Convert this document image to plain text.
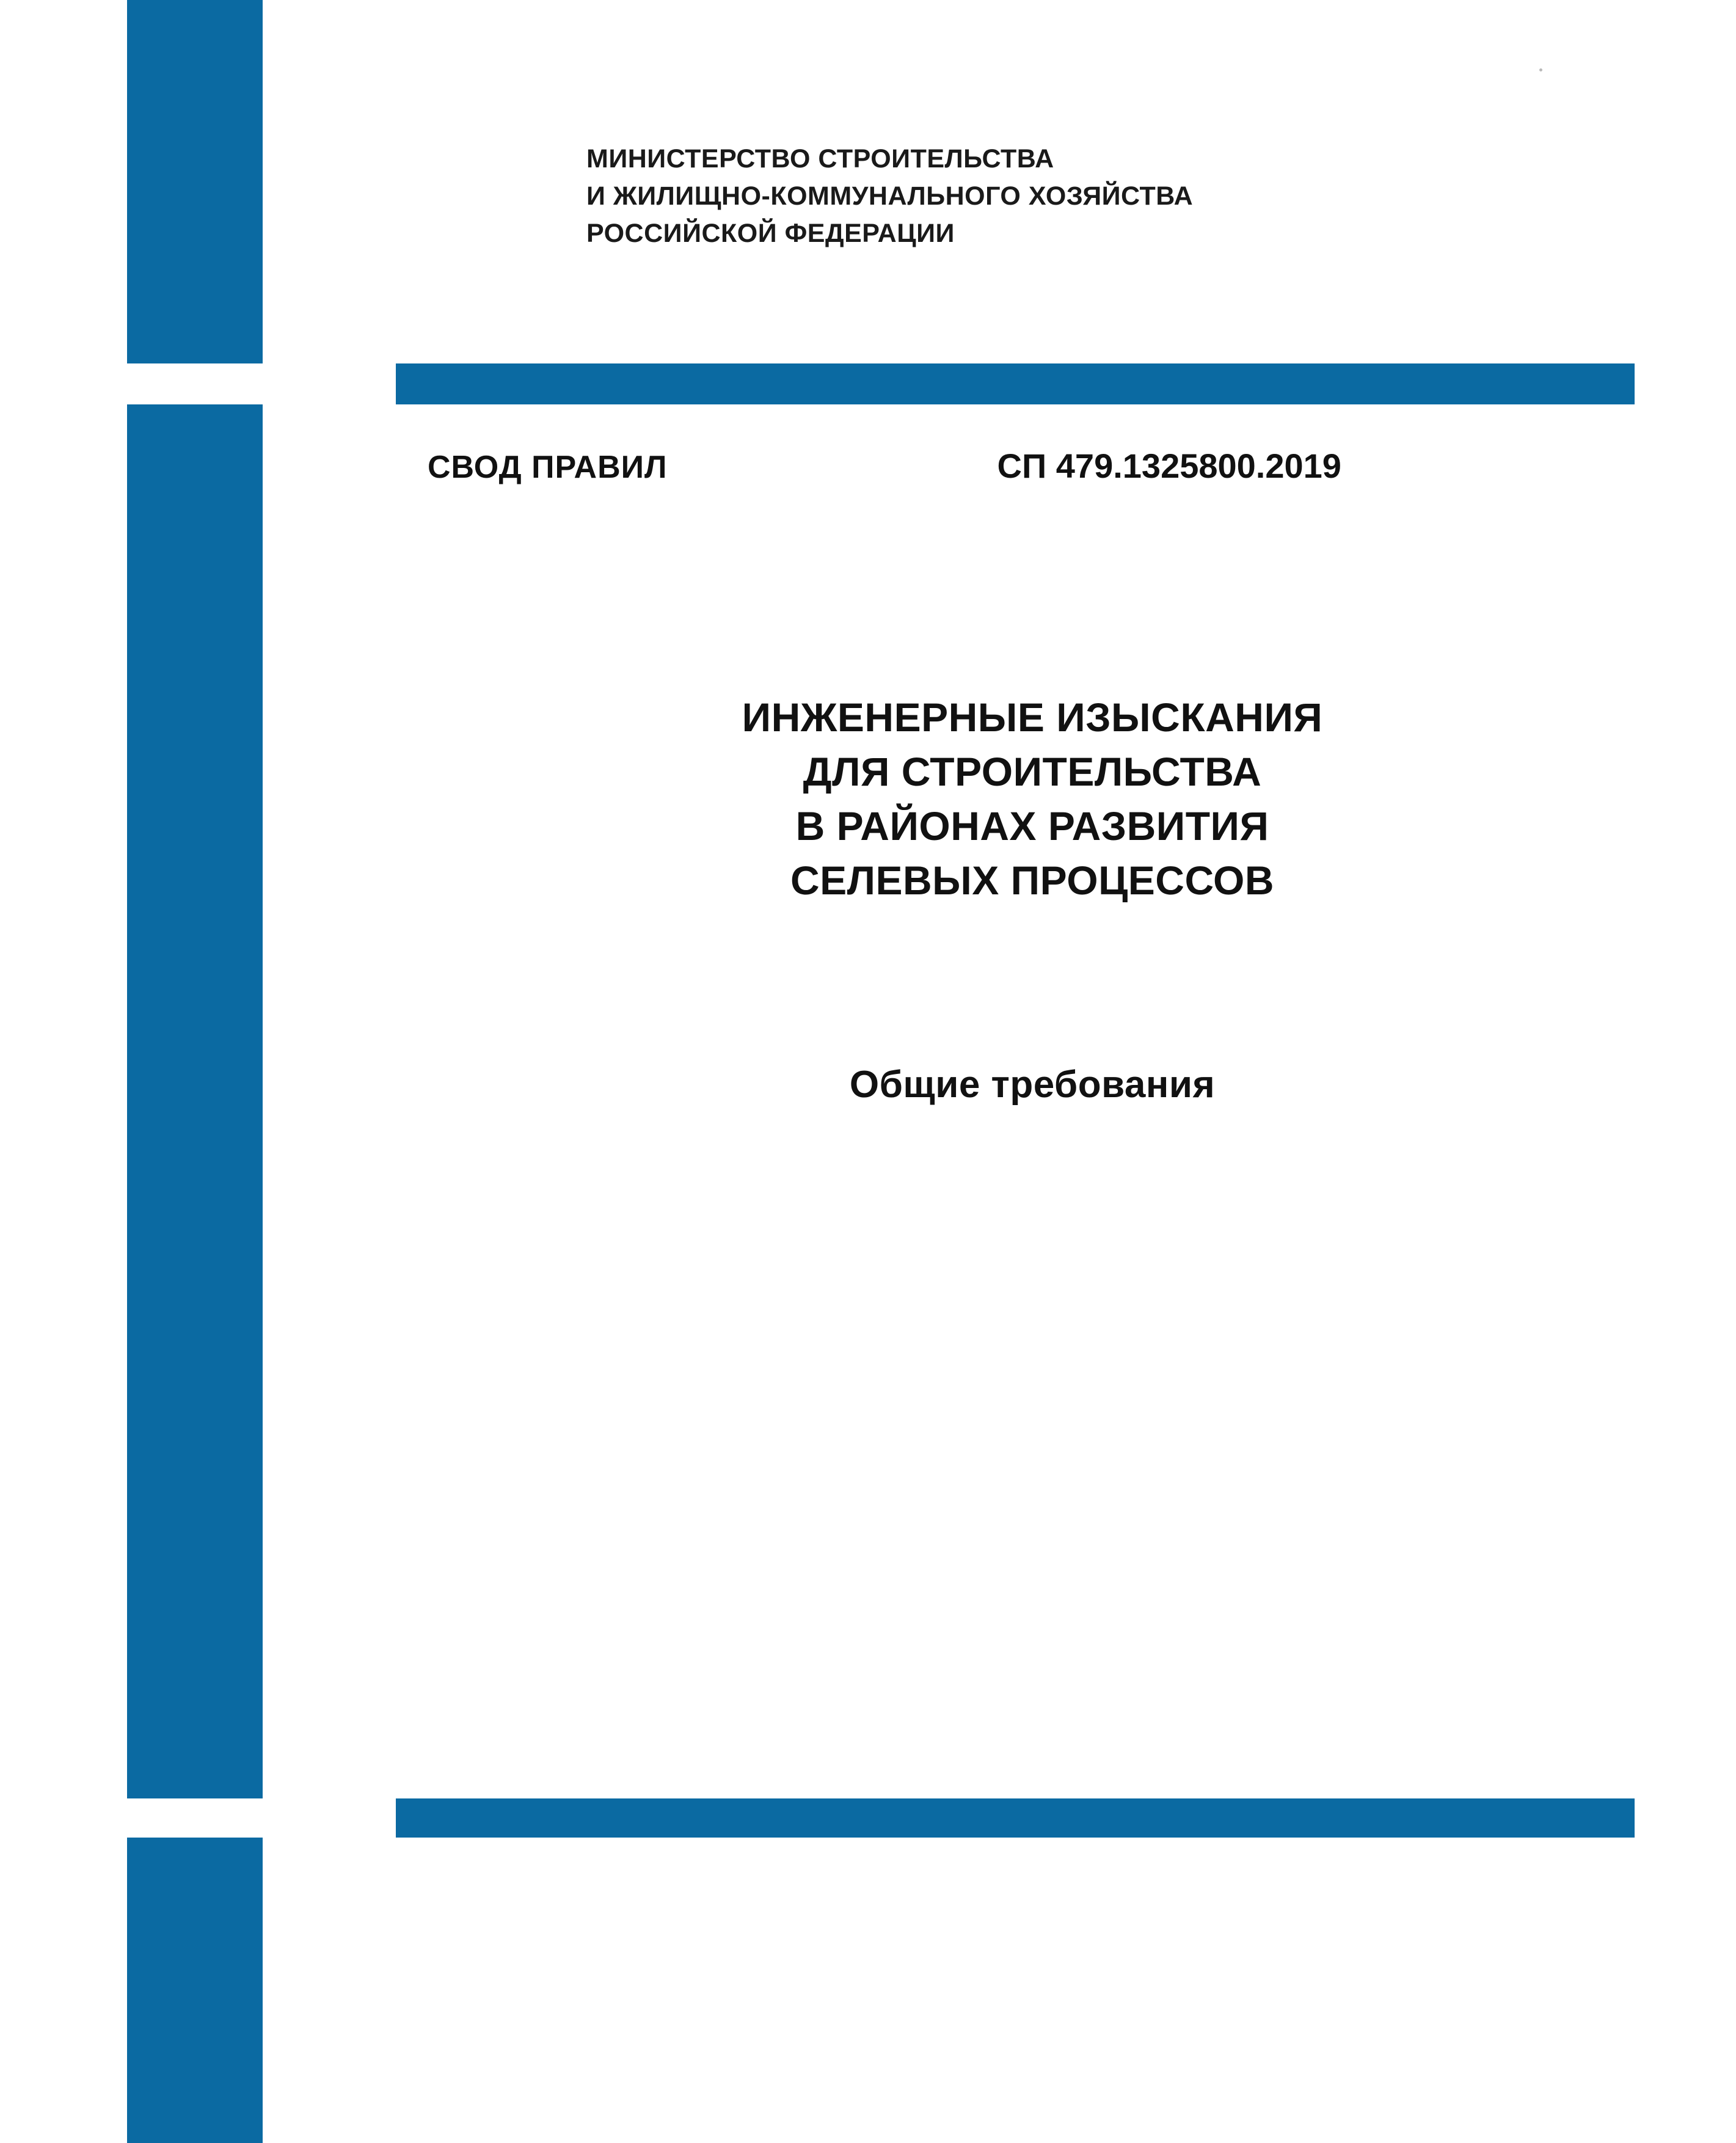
МИНИСТЕРСТВО СТРОИТЕЛЬСТВА
И ЖИЛИЩНО-КОММУНАЛЬНОГО ХОЗЯЙСТВА
РОССИЙСКОЙ ФЕДЕРАЦИИ
СВОД ПРАВИЛ	СП 479.1325800.2019
ИНЖЕНЕРНЫЕ ИЗЫСКАНИЯ
ДЛЯ СТРОИТЕЛЬСТВА
В РАЙОНАХ РАЗВИТИЯ
СЕЛЕВЫХ ПРОЦЕССОВ
Общие требования
